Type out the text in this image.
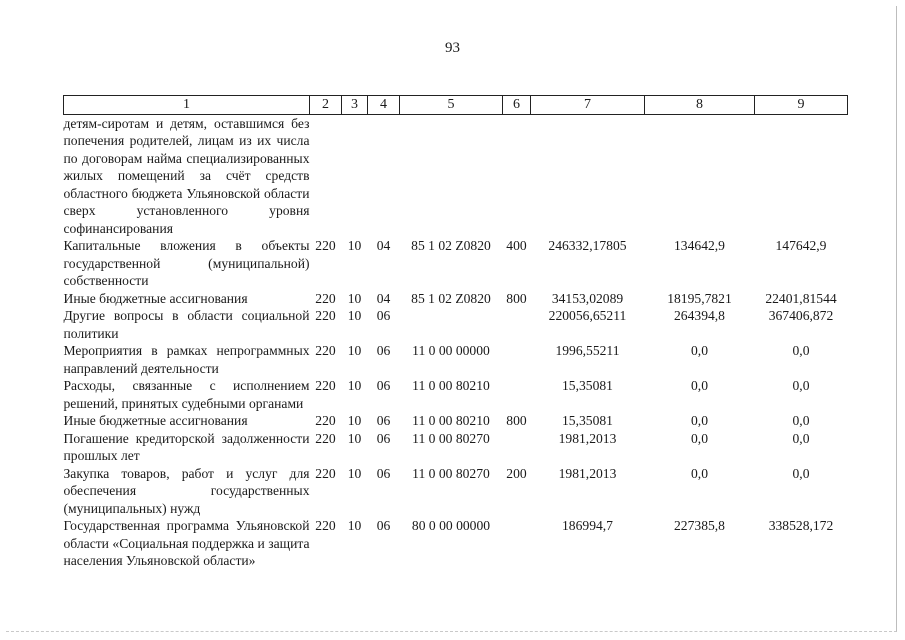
93
1	2	3	4	5	6	7	8	9
детям-сиротам и детям, оставшимся без попечения родителей, лицам из их числа по договорам найма специализированных жилых помещений за счёт средств областного бюджета Ульяновской области сверх установленного уровня софинансирования								
Капитальные вложения в объекты государственной (муниципальной) собственности	220	10	04	85 1 02 Z0820	400	246332,17805	134642,9	147642,9
Иные бюджетные ассигнования	220	10	04	85 1 02 Z0820	800	34153,02089	18195,7821	22401,81544
Другие вопросы в области социальной политики	220	10	06			220056,65211	264394,8	367406,872
Мероприятия в рамках непрограммных направлений деятельности	220	10	06	11 0 00 00000		1996,55211	0,0	0,0
Расходы, связанные с исполнением решений, принятых судебными органами	220	10	06	11 0 00 80210		15,35081	0,0	0,0
Иные бюджетные ассигнования	220	10	06	11 0 00 80210	800	15,35081	0,0	0,0
Погашение кредиторской задолженности прошлых лет	220	10	06	11 0 00 80270		1981,2013	0,0	0,0
Закупка товаров, работ и услуг для обеспечения государственных (муниципальных) нужд	220	10	06	11 0 00 80270	200	1981,2013	0,0	0,0
Государственная программа Ульяновской области «Социальная поддержка и защита населения Ульяновской области»	220	10	06	80 0 00 00000		186994,7	227385,8	338528,172
